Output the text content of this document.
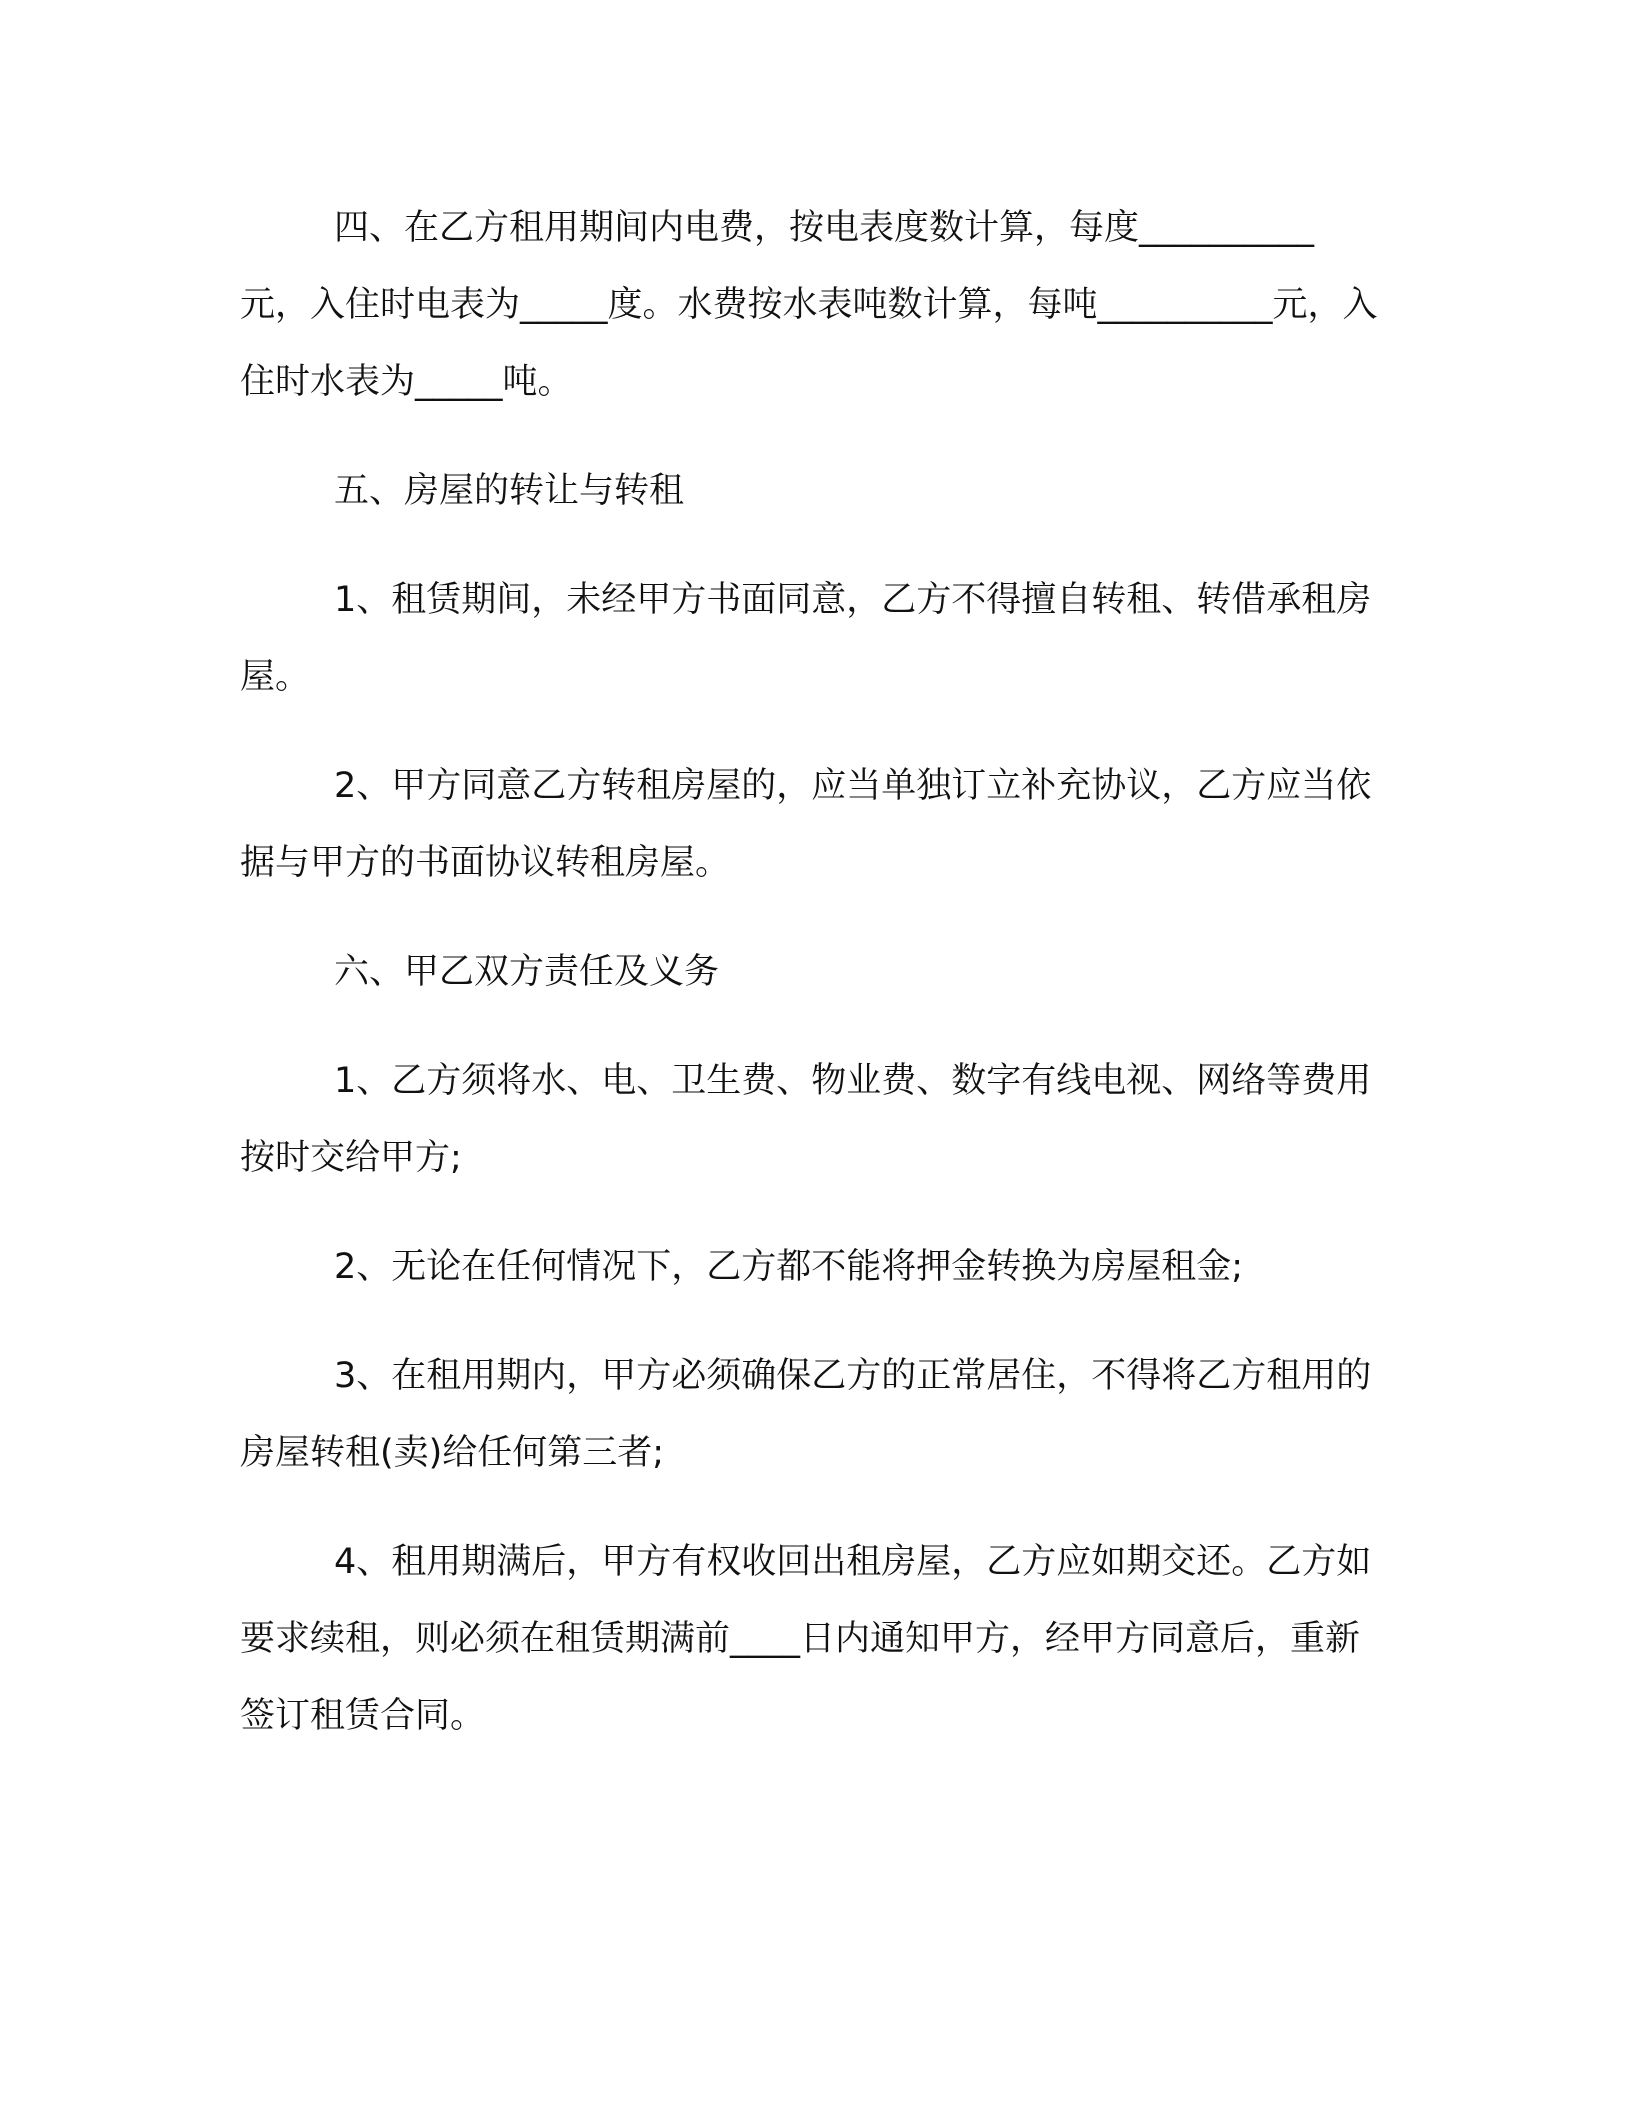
四、在乙方租用期间内电费，按电表度数计算，每度__________元，入住时电表为_____度。水费按水表吨数计算，每吨__________元，入住时水表为_____吨。

五、房屋的转让与转租

1、租赁期间，未经甲方书面同意，乙方不得擅自转租、转借承租房屋。

2、甲方同意乙方转租房屋的，应当单独订立补充协议，乙方应当依据与甲方的书面协议转租房屋。

六、甲乙双方责任及义务

1、乙方须将水、电、卫生费、物业费、数字有线电视、网络等费用按时交给甲方;

2、无论在任何情况下，乙方都不能将押金转换为房屋租金;

3、在租用期内，甲方必须确保乙方的正常居住，不得将乙方租用的房屋转租(卖)给任何第三者;

4、租用期满后，甲方有权收回出租房屋，乙方应如期交还。乙方如要求续租，则必须在租赁期满前____日内通知甲方，经甲方同意后，重新签订租赁合同。
